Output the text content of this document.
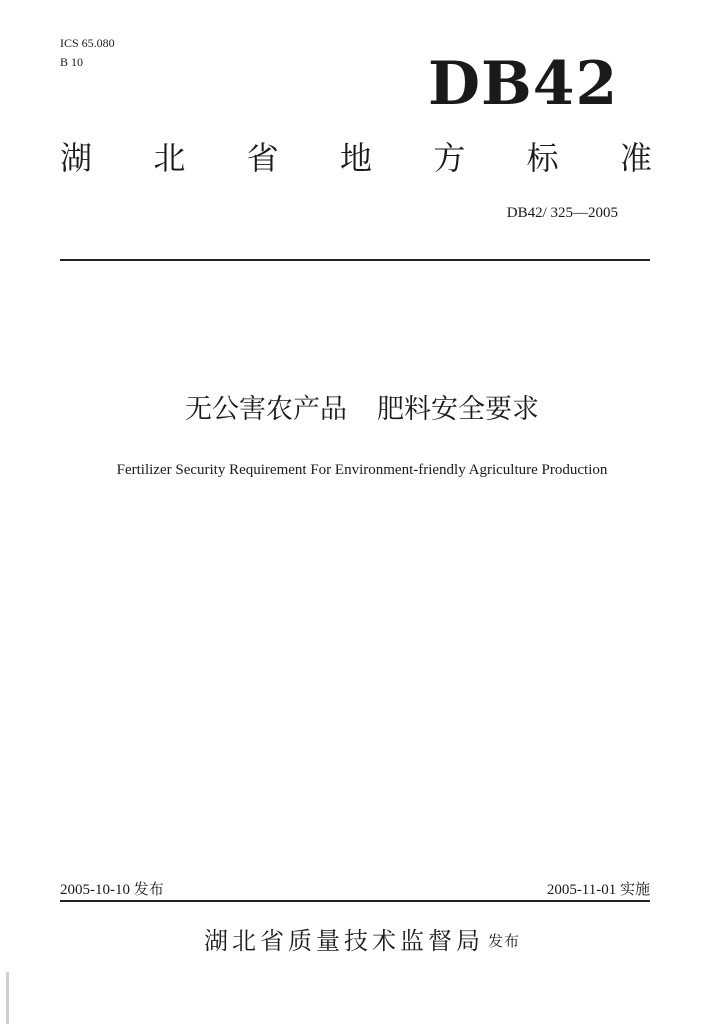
ICS 65.080
B 10	DB42
湖 北 省 地 方 标 准
DB42/ 325—2005
无公害农产品 肥料安全要求
Fertilizer Security Requirement For Environment-friendly Agriculture Production
2005-10-10 发布	2005-11-01 实施
湖北省质量技术监督局 发布
